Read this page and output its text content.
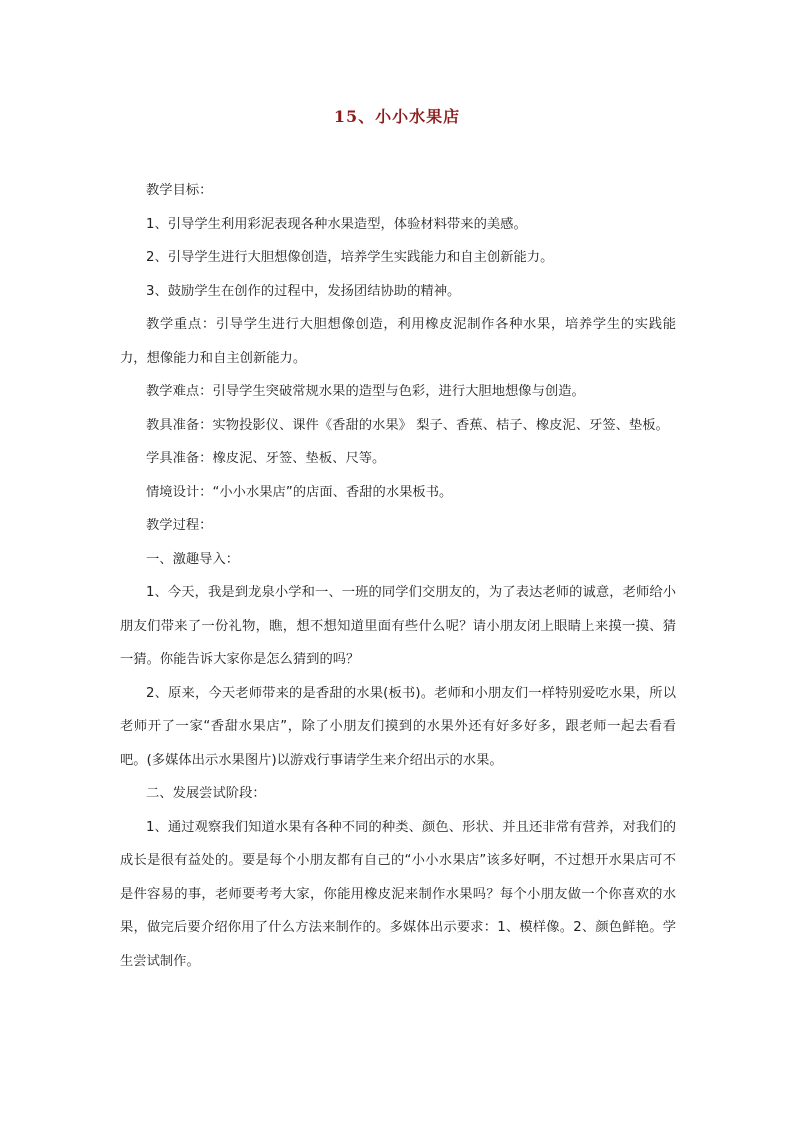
15、小小水果店

教学目标：

1、引导学生利用彩泥表现各种水果造型，体验材料带来的美感。

2、引导学生进行大胆想像创造，培养学生实践能力和自主创新能力。

3、鼓励学生在创作的过程中，发扬团结协助的精神。

教学重点：引导学生进行大胆想像创造，利用橡皮泥制作各种水果，培养学生的实践能力，想像能力和自主创新能力。

教学难点：引导学生突破常规水果的造型与色彩，进行大胆地想像与创造。

教具准备：实物投影仪、课件《香甜的水果》 梨子、香蕉、桔子、橡皮泥、牙签、垫板。

学具准备：橡皮泥、牙签、垫板、尺等。

情境设计：“小小水果店”的店面、香甜的水果板书。

教学过程：

一、激趣导入：

1、今天，我是到龙泉小学和一、一班的同学们交朋友的，为了表达老师的诚意，老师给小朋友们带来了一份礼物，瞧，想不想知道里面有些什么呢？请小朋友闭上眼睛上来摸一摸、猜一猜。你能告诉大家你是怎么猜到的吗？

2、原来，今天老师带来的是香甜的水果(板书)。老师和小朋友们一样特别爱吃水果，所以老师开了一家“香甜水果店”，除了小朋友们摸到的水果外还有好多好多，跟老师一起去看看吧。(多媒体出示水果图片)以游戏行事请学生来介绍出示的水果。

二、发展尝试阶段：

1、通过观察我们知道水果有各种不同的种类、颜色、形状、并且还非常有营养，对我们的成长是很有益处的。要是每个小朋友都有自己的“小小水果店”该多好啊，不过想开水果店可不是件容易的事，老师要考考大家，你能用橡皮泥来制作水果吗？每个小朋友做一个你喜欢的水果，做完后要介绍你用了什么方法来制作的。多媒体出示要求：1、模样像。2、颜色鲜艳。学生尝试制作。
